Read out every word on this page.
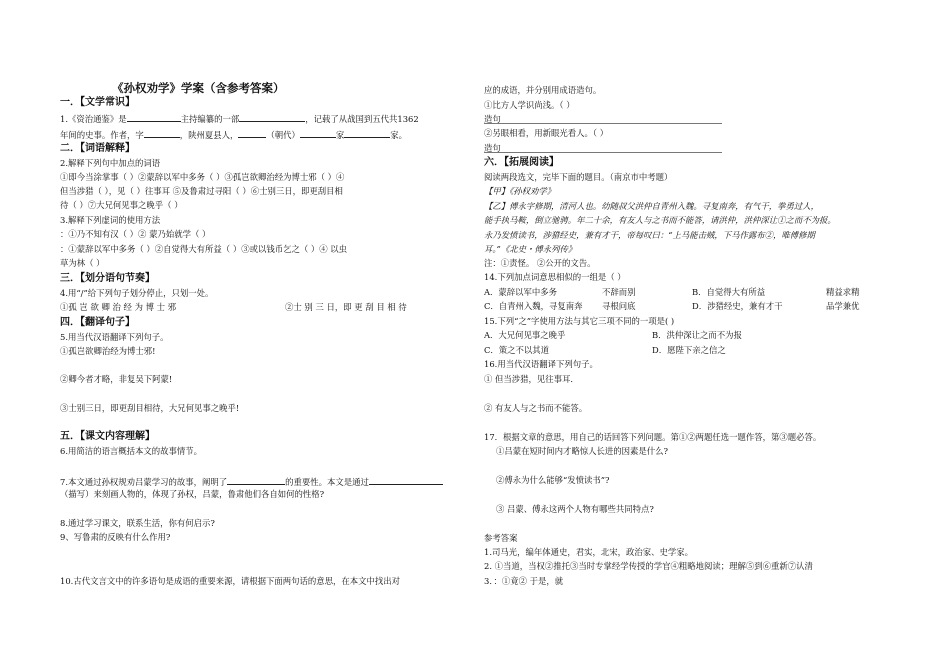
《孙权劝学》学案（含参考答案）
一．【文学常识】
1.《资治通鉴》是	主持编纂的一部	，记载了从战国到五代共1362
年间的史事。作者，字	，陕州夏县人，	（朝代）	家	家。
二．【词语解释】
2.解释下列句中加点的词语
①即今当涂掌事（ ）②蒙辞以军中多务（ ）③孤岂欲卿治经为博士邪（ ）④
但当涉猎（ ），见（ ）往事耳 ⑤及鲁肃过寻阳（ ）⑥士别三日，即更刮目相
待（ ）⑦大兄何见事之晚乎（ ）
3.解释下列虚词的使用方法
：①乃不知有汉（ ）② 蒙乃始就学（ ）
：①蒙辞以军中多务（ ）②自觉得大有所益（ ）③或以钱币乞之（ ）④ 以虫
草为林（ ）
三．【划分语句节奏】
4.用“/”给下列句子划分停止，只划一处。
①孤 岂 欲 卿 治 经 为 博 士 邪	②士 别 三 日，即 更 刮 目 相 待
四．【翻译句子】
5.用当代汉语翻译下列句子。
①孤岂欲卿治经为博士邪!
②卿今者才略，非复吴下阿蒙!
③士别三日，即更刮目相待，大兄何见事之晚乎!
五．【课文内容理解】
6.用简洁的语言概括本文的故事情节。
7.本文通过孙权规劝吕蒙学习的故事，阐明了	的重要性。本文是通过
（描写）来刻画人物的，体现了孙权，吕蒙，鲁肃他们各自如何的性格?
8.通过学习课文，联系生活，你有何启示?
9、写鲁肃的反映有什么作用?
10.古代文言文中的许多语句是成语的重要来源，请根据下面两句话的意思，在本文中找出对
应的成语，并分别用成语造句。
①比方人学识尚浅。（ ）
造句
②另眼相看，用新眼光看人。（ ）
造句
六．【拓展阅读】
阅读两段选文，完毕下面的题目。（南京市中考题）
【甲】《孙权劝学》
【乙】傅永字修期，清河人也。幼随叔父洪仲自青州入魏。寻复南奔，有气干，拳勇过人，
能手执马鞍，倒立驰骋。年二十余，有友人与之书而不能答，请洪仲，洪仲深让①之而不为报。
永乃发愤读书，涉猎经史，兼有才干，帝每叹曰：“上马能击贼，下马作露布②，唯傅修期
耳。”《北史・傅永列传》
注：①责怪。 ②公开的文告。
14.下列加点词意思相似的一组是（ ）
A．蒙辞以军中多务	不辞而别	B．自觉得大有所益	精益求精
C．自青州入魏，寻复南奔 寻根问底	D．涉猎经史，兼有才干	品学兼优
15.下列“之”字使用方法与其它三项不同的一项是( )
A．大兄何见事之晚乎	B．洪仲深让之而不为报
C．策之不以其道	D．愿陛下亲之信之
16.用当代汉语翻译下列句子。
① 但当涉猎，见往事耳．
② 有友人与之书而不能答。
17．根据文章的意思，用自己的话回答下列问题。第①②两题任选一题作答，第③题必答。
①吕蒙在短时间内才略惊人长进的因素是什么?
②傅永为什么能够“发愤读书”?
③ 吕蒙、傅永这两个人物有哪些共同特点?
参考答案
1.司马光，编年体通史，君实，北宋，政治家、史学家。
2. ①当道，当权②推托③当时专掌经学传授的学官④粗略地阅读；理解⑤到⑥重新⑦认清
3．：①竟② 于是，就
